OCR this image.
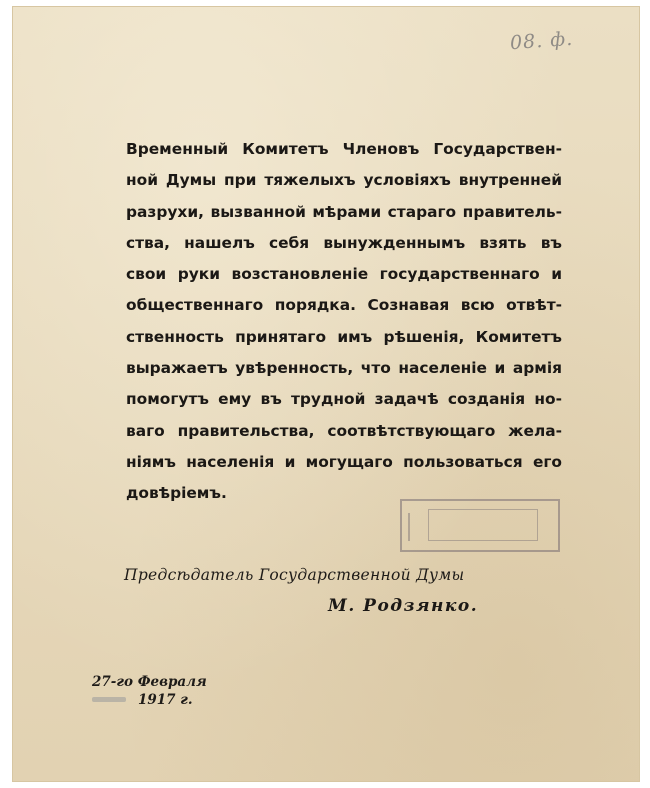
08. ф.
Временный Комитетъ Членовъ Государствен-
ной Думы при тяжелыхъ условіяхъ внутренней
разрухи, вызванной мѣрами стараго правитель-
ства, нашелъ себя вынужденнымъ взять въ
свои руки возстановленіе государственнаго и
общественнаго порядка. Сознавая всю отвѣт-
ственность принятаго имъ рѣшенія, Комитетъ
выражаетъ увѣренность, что населеніе и армія
помогутъ ему въ трудной задачѣ созданія но-
ваго правительства, соотвѣтствующаго жела-
ніямъ населенія и могущаго пользоваться его
довѣріемъ.
Предсѣдатель Государственной Думы
М. Родзянко.
27-го Февраля
1917 г.
